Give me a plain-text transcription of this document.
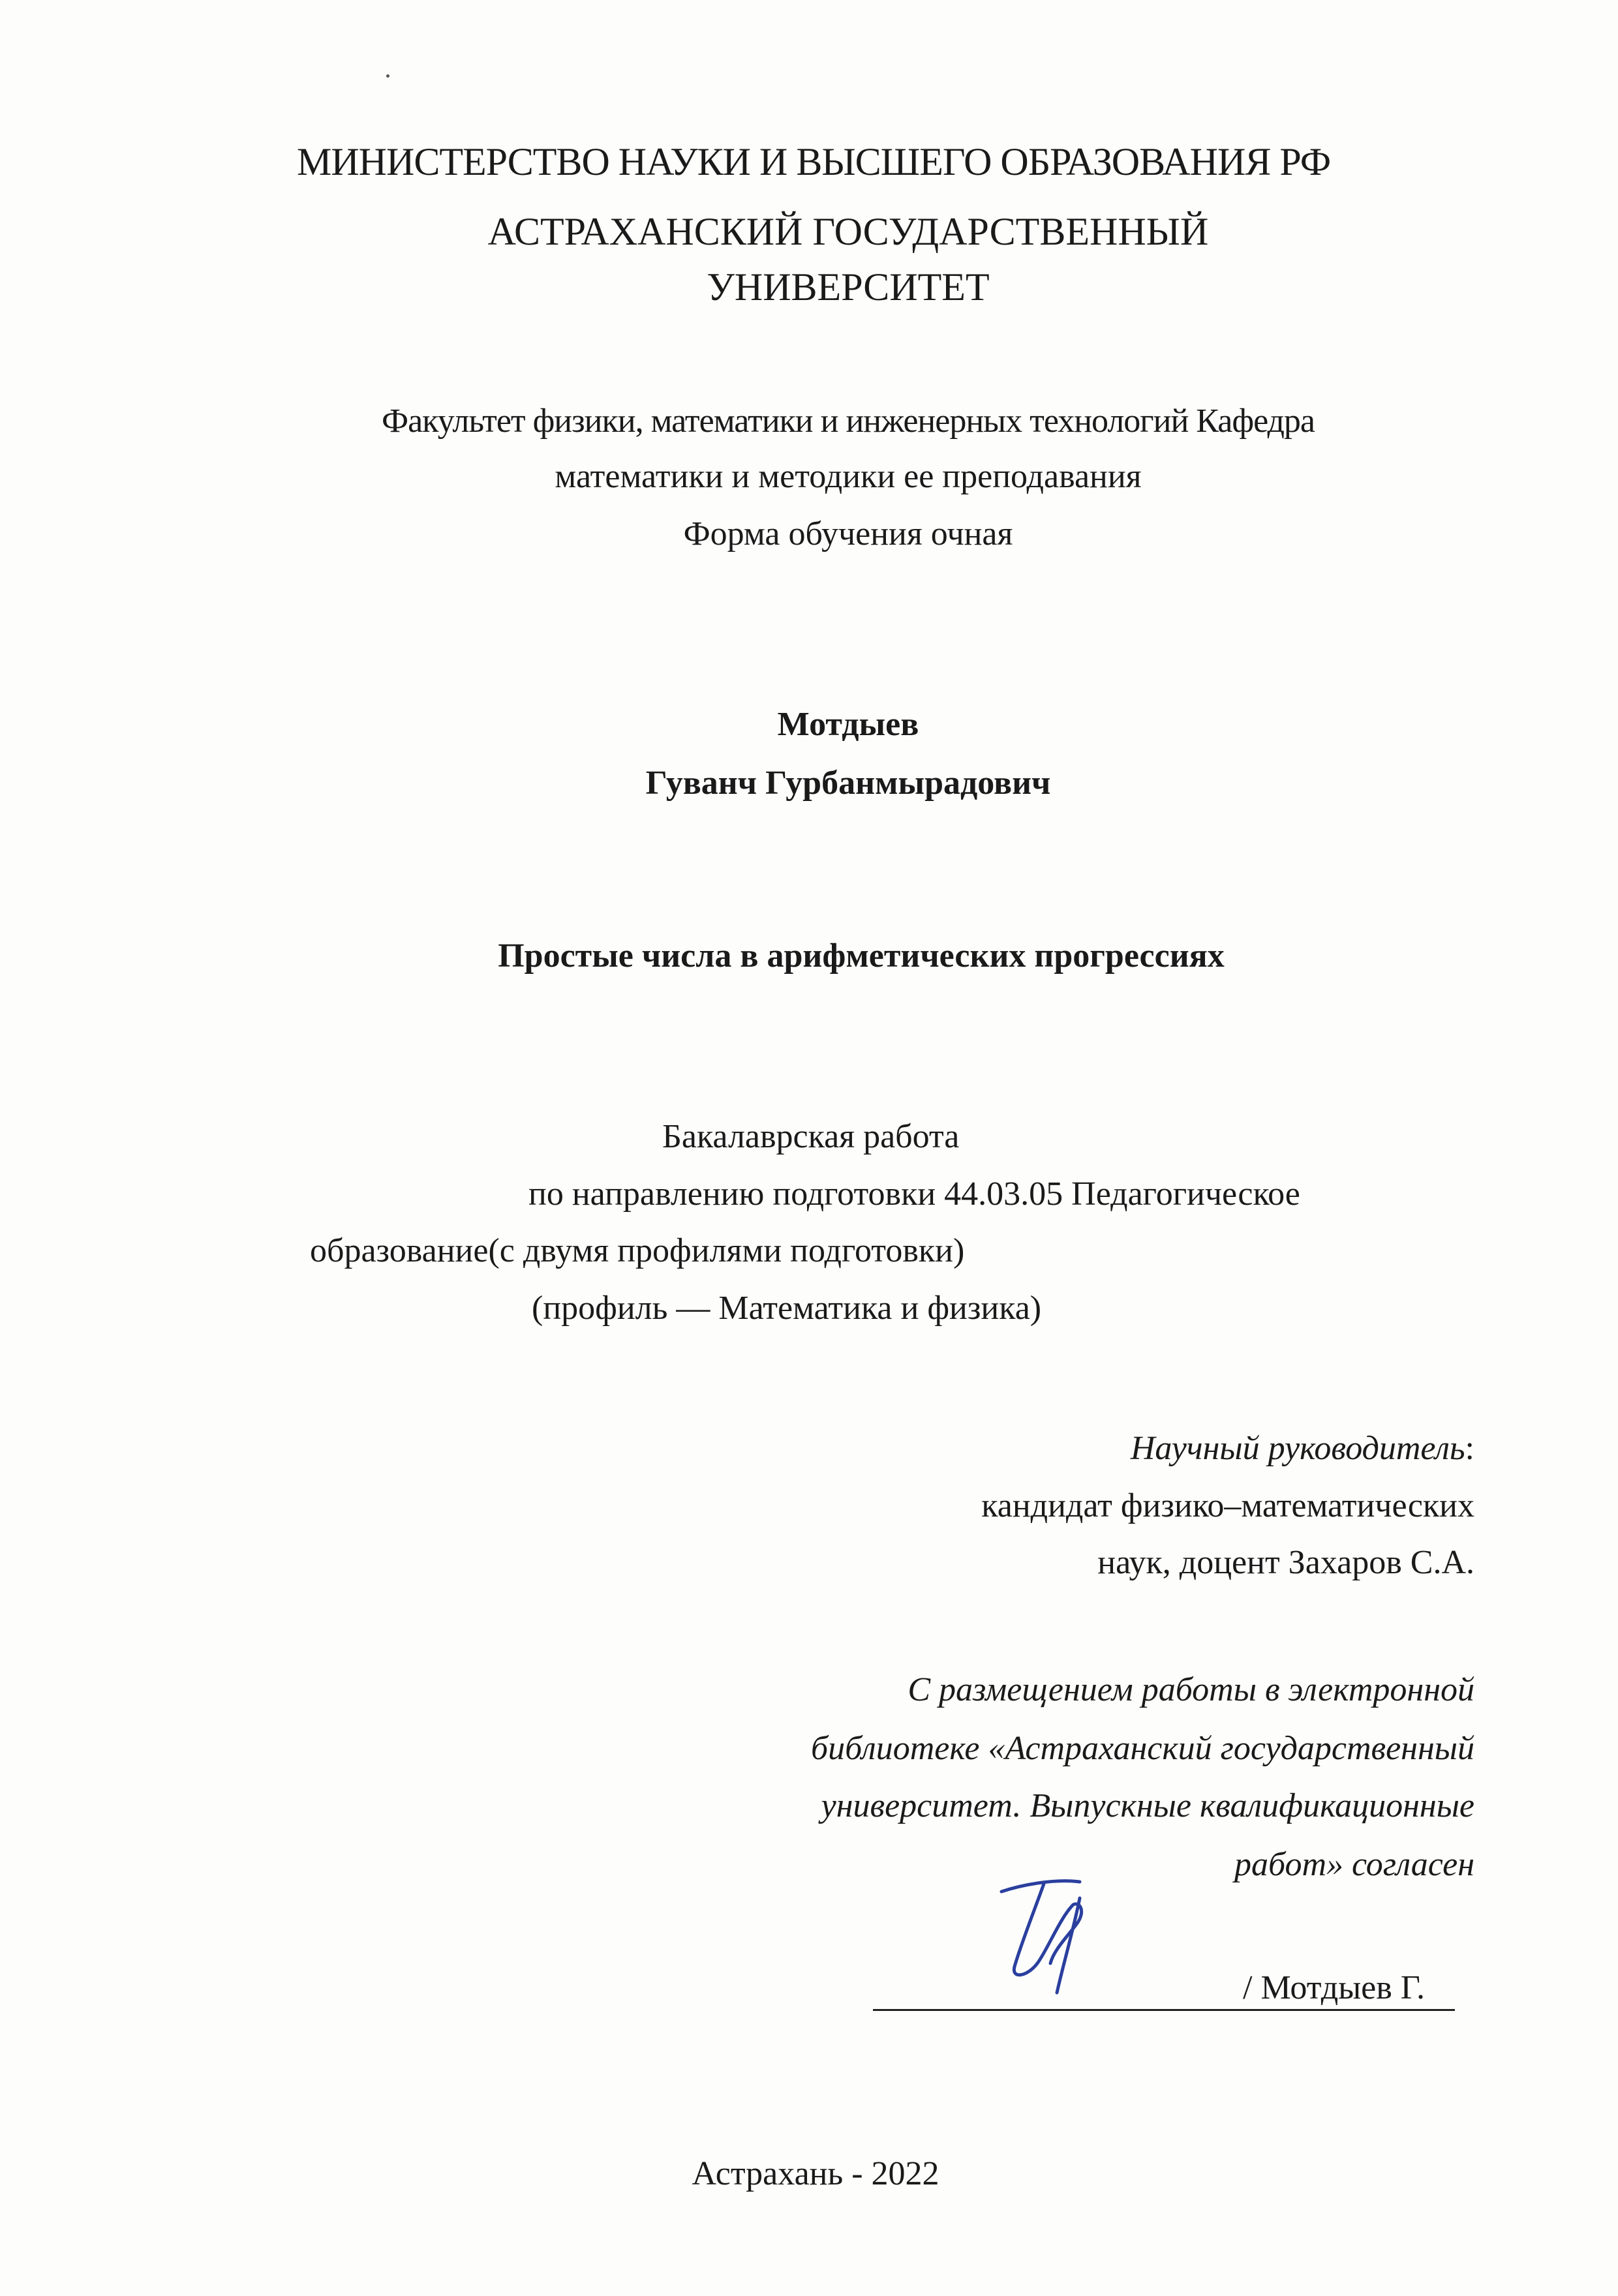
МИНИСТЕРСТВО НАУКИ И ВЫСШЕГО ОБРАЗОВАНИЯ РФ
АСТРАХАНСКИЙ ГОСУДАРСТВЕННЫЙ
УНИВЕРСИТЕТ
Факультет физики, математики и инженерных технологий Кафедра
математики и методики ее преподавания
Форма обучения очная
Мотдыев
Гуванч Гурбанмырадович
Простые числа в арифметических прогрессиях
Бакалаврская работа
по направлению подготовки 44.03.05 Педагогическое
образование(с двумя профилями подготовки)
(профиль — Математика и физика)
Научный руководитель:
кандидат физико–математических
наук, доцент Захаров С.А.
С размещением работы в электронной
библиотеке «Астраханский государственный
университет. Выпускные квалификационные
работ» согласен
/ Мотдыев Г.
Астрахань - 2022
